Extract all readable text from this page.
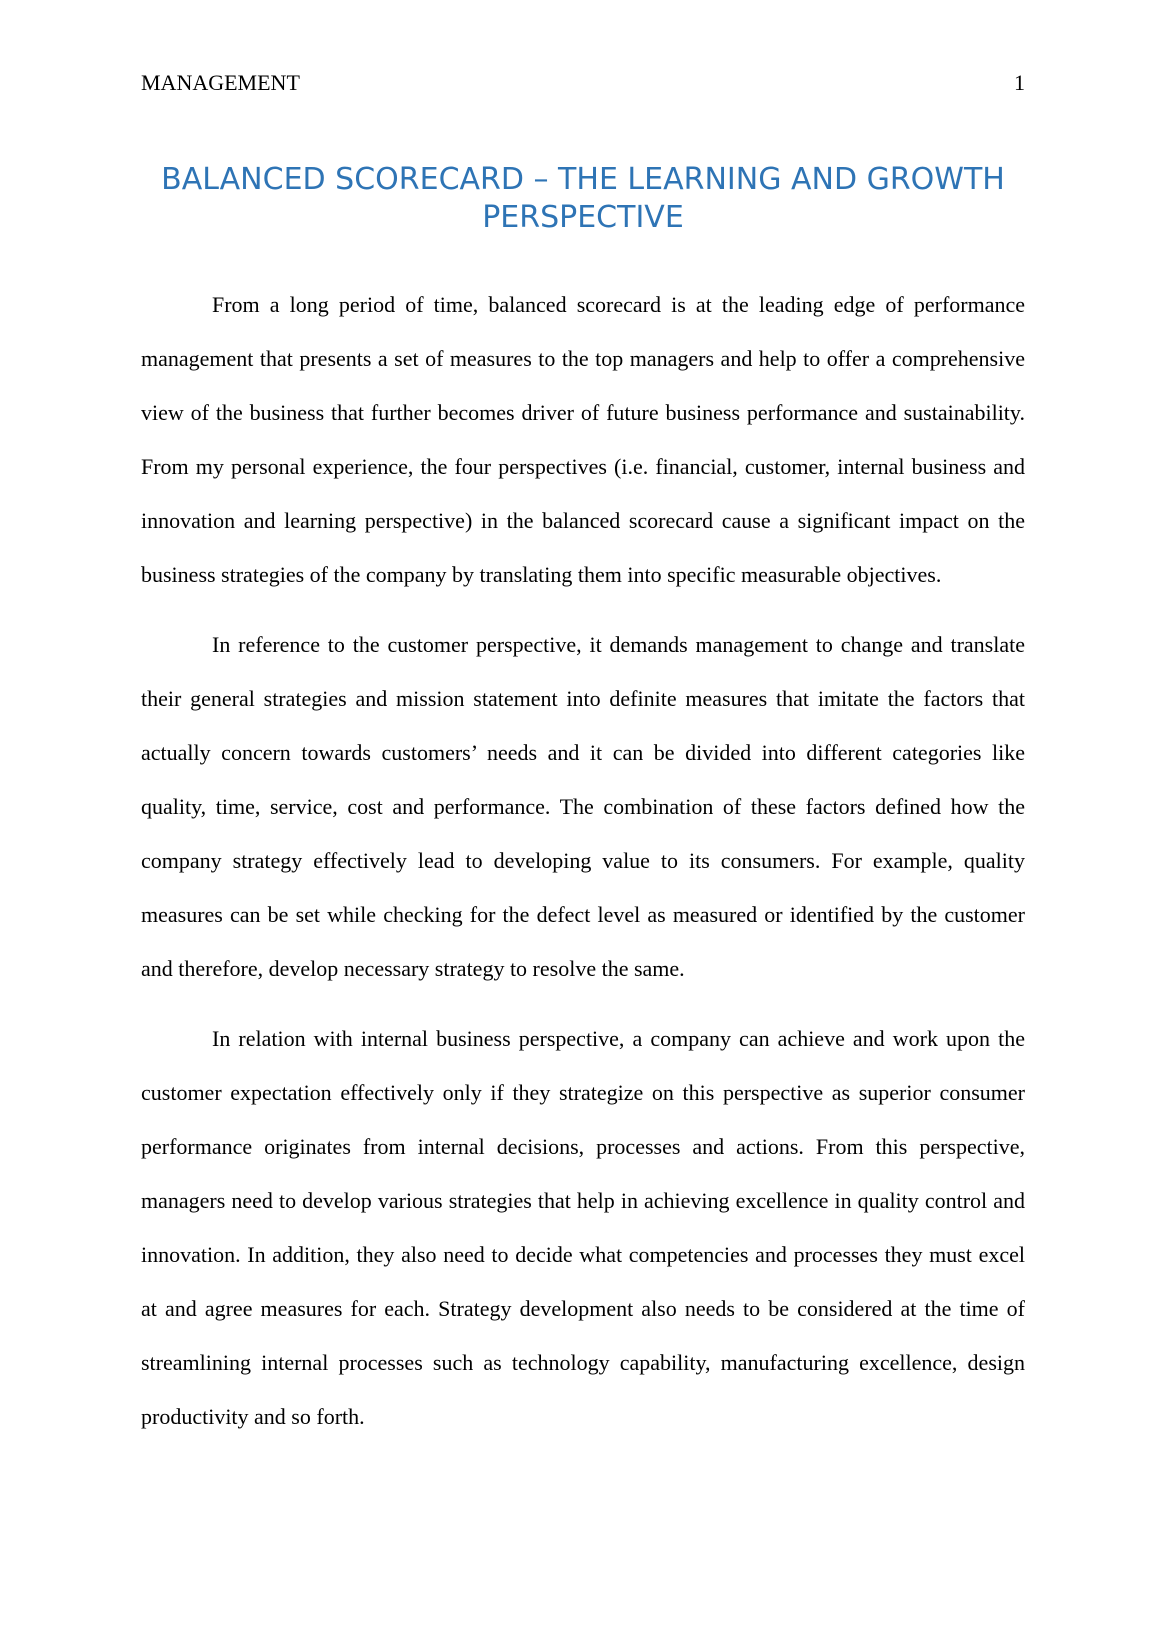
MANAGEMENT	1
BALANCED SCORECARD – THE LEARNING AND GROWTH PERSPECTIVE

From a long period of time, balanced scorecard is at the leading edge of performance management that presents a set of measures to the top managers and help to offer a comprehensive view of the business that further becomes driver of future business performance and sustainability. From my personal experience, the four perspectives (i.e. financial, customer, internal business and innovation and learning perspective) in the balanced scorecard cause a significant impact on the business strategies of the company by translating them into specific measurable objectives.

In reference to the customer perspective, it demands management to change and translate their general strategies and mission statement into definite measures that imitate the factors that actually concern towards customers’ needs and it can be divided into different categories like quality, time, service, cost and performance. The combination of these factors defined how the company strategy effectively lead to developing value to its consumers. For example, quality measures can be set while checking for the defect level as measured or identified by the customer and therefore, develop necessary strategy to resolve the same.

In relation with internal business perspective, a company can achieve and work upon the customer expectation effectively only if they strategize on this perspective as superior consumer performance originates from internal decisions, processes and actions. From this perspective, managers need to develop various strategies that help in achieving excellence in quality control and innovation. In addition, they also need to decide what competencies and processes they must excel at and agree measures for each. Strategy development also needs to be considered at the time of streamlining internal processes such as technology capability, manufacturing excellence, design productivity and so forth.
